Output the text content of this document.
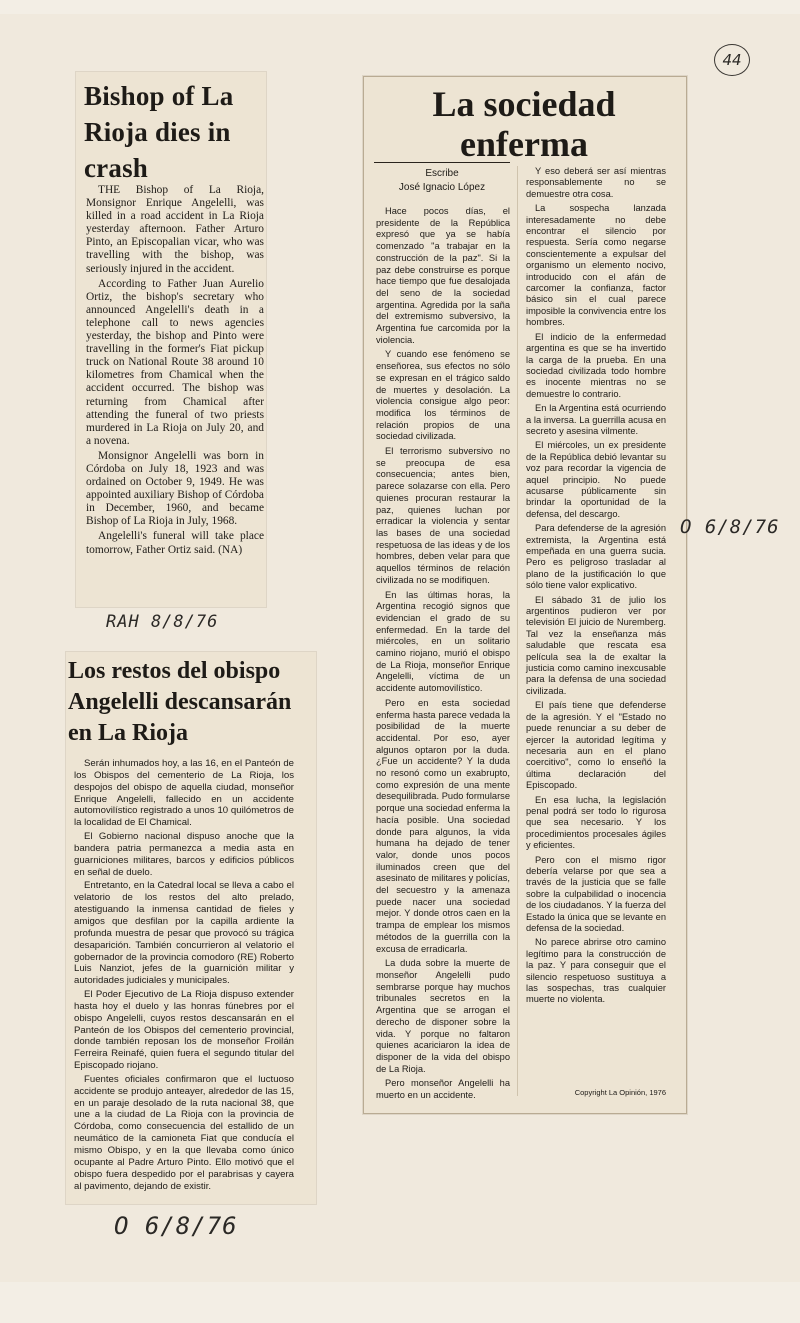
44
Bishop of La Rioja dies in crash

THE Bishop of La Rioja, Monsignor Enrique Angelelli, was killed in a road accident in La Rioja yesterday afternoon. Father Arturo Pinto, an Episcopalian vicar, who was travelling with the bishop, was seriously injured in the accident.

According to Father Juan Aurelio Ortiz, the bishop's secretary who announced Angelelli's death in a telephone call to news agencies yesterday, the bishop and Pinto were travelling in the former's Fiat pickup truck on National Route 38 around 10 kilometres from Chamical when the accident occurred. The bishop was returning from Chamical after attending the funeral of two priests murdered in La Rioja on July 20, and a novena.

Monsignor Angelelli was born in Córdoba on July 18, 1923 and was ordained on October 9, 1949. He was appointed auxiliary Bishop of Córdoba in December, 1960, and became Bishop of La Rioja in July, 1968.

Angelelli's funeral will take place tomorrow, Father Ortiz said. (NA)

RAH 8/8/76
Los restos del obispo Angelelli descansarán en La Rioja

Serán inhumados hoy, a las 16, en el Panteón de los Obispos del cementerio de La Rioja, los despojos del obispo de aquella ciudad, monseñor Enrique Angelelli, fallecido en un accidente automovilístico registrado a unos 10 quilómetros de la localidad de El Chamical.

El Gobierno nacional dispuso anoche que la bandera patria permanezca a media asta en guarniciones militares, barcos y edificios públicos en señal de duelo.

Entretanto, en la Catedral local se lleva a cabo el velatorio de los restos del alto prelado, atestiguando la inmensa cantidad de fieles y amigos que desfilan por la capilla ardiente la profunda muestra de pesar que provocó su trágica desaparición. También concurrieron al velatorio el gobernador de la provincia comodoro (RE) Roberto Luis Nanziot, jefes de la guarnición militar y autoridades judiciales y municipales.

El Poder Ejecutivo de La Rioja dispuso extender hasta hoy el duelo y las honras fúnebres por el obispo Angelelli, cuyos restos descansarán en el Panteón de los Obispos del cementerio provincial, donde también reposan los de monseñor Froilán Ferreira Reinafé, quien fuera el segundo titular del Episcopado riojano.

Fuentes oficiales confirmaron que el luctuoso accidente se produjo anteayer, alrededor de las 15, en un paraje desolado de la ruta nacional 38, que une a la ciudad de La Rioja con la provincia de Córdoba, como consecuencia del estallido de un neumático de la camioneta Fiat que conducía el mismo Obispo, y en la que llevaba como único ocupante al Padre Arturo Pinto. Ello motivó que el obispo fuera despedido por el parabrisas y cayera al pavimento, dejando de existir.

O 6/8/76
La sociedad enferma
Escribe
José Ignacio López

Hace pocos días, el presidente de la República expresó que ya se había comenzado "a trabajar en la construcción de la paz". Si la paz debe construirse es porque hace tiempo que fue desalojada del seno de la sociedad argentina. Agredida por la saña del extremismo subversivo, la Argentina fue carcomida por la violencia.

Y cuando ese fenómeno se enseñorea, sus efectos no sólo se expresan en el trágico saldo de muertes y desolación. La violencia consigue algo peor: modifica los términos de relación propios de una sociedad civilizada.

El terrorismo subversivo no se preocupa de esa consecuencia; antes bien, parece solazarse con ella. Pero quienes procuran restaurar la paz, quienes luchan por erradicar la violencia y sentar las bases de una sociedad respetuosa de las ideas y de los hombres, deben velar para que aquellos términos de relación civilizada no se modifiquen.

En las últimas horas, la Argentina recogió signos que evidencian el grado de su enfermedad. En la tarde del miércoles, en un solitario camino riojano, murió el obispo de La Rioja, monseñor Enrique Angelelli, víctima de un accidente automovilístico.

Pero en esta sociedad enferma hasta parece vedada la posibilidad de la muerte accidental. Por eso, ayer algunos optaron por la duda. ¿Fue un accidente? Y la duda no resonó como un exabrupto, como expresión de una mente desequilibrada. Pudo formularse porque una sociedad enferma la hacía posible. Una sociedad donde para algunos, la vida humana ha dejado de tener valor, donde unos pocos iluminados creen que del asesinato de militares y policías, del secuestro y la amenaza puede nacer una sociedad mejor. Y donde otros caen en la trampa de emplear los mismos métodos de la guerrilla con la excusa de erradicarla.

La duda sobre la muerte de monseñor Angelelli pudo sembrarse porque hay muchos tribunales secretos en la Argentina que se arrogan el derecho de disponer sobre la vida. Y porque no faltaron quienes acariciaron la idea de disponer de la vida del obispo de La Rioja.

Pero monseñor Angelelli ha muerto en un accidente.

Y eso deberá ser así mientras responsablemente no se demuestre otra cosa.

La sospecha lanzada interesadamente no debe encontrar el silencio por respuesta. Sería como negarse conscientemente a expulsar del organismo un elemento nocivo, introducido con el afán de carcomer la confianza, factor básico sin el cual parece imposible la convivencia entre los hombres.

El indicio de la enfermedad argentina es que se ha invertido la carga de la prueba. En una sociedad civilizada todo hombre es inocente mientras no se demuestre lo contrario.

En la Argentina está ocurriendo a la inversa. La guerrilla acusa en secreto y asesina vilmente.

El miércoles, un ex presidente de la República debió levantar su voz para recordar la vigencia de aquel principio. No puede acusarse públicamente sin brindar la oportunidad de la defensa, del descargo.

Para defenderse de la agresión extremista, la Argentina está empeñada en una guerra sucia. Pero es peligroso trasladar al plano de la justificación lo que sólo tiene valor explicativo.

El sábado 31 de julio los argentinos pudieron ver por televisión El juicio de Nuremberg. Tal vez la enseñanza más saludable que rescata esa película sea la de exaltar la justicia como camino inexcusable para la defensa de una sociedad civilizada.

El país tiene que defenderse de la agresión. Y el "Estado no puede renunciar a su deber de ejercer la autoridad legítima y necesaria aun en el plano coercitivo", como lo enseñó la última declaración del Episcopado.

En esa lucha, la legislación penal podrá ser todo lo rigurosa que sea necesario. Y los procedimientos procesales ágiles y eficientes.

Pero con el mismo rigor debería velarse por que sea a través de la justicia que se falle sobre la culpabilidad o inocencia de los ciudadanos. Y la fuerza del Estado la única que se levante en defensa de la sociedad.

No parece abrirse otro camino legítimo para la construcción de la paz. Y para conseguir que el silencio respetuoso sustituya a las sospechas, tras cualquier muerte no violenta.

Copyright La Opinión, 1976
O 6/8/76
